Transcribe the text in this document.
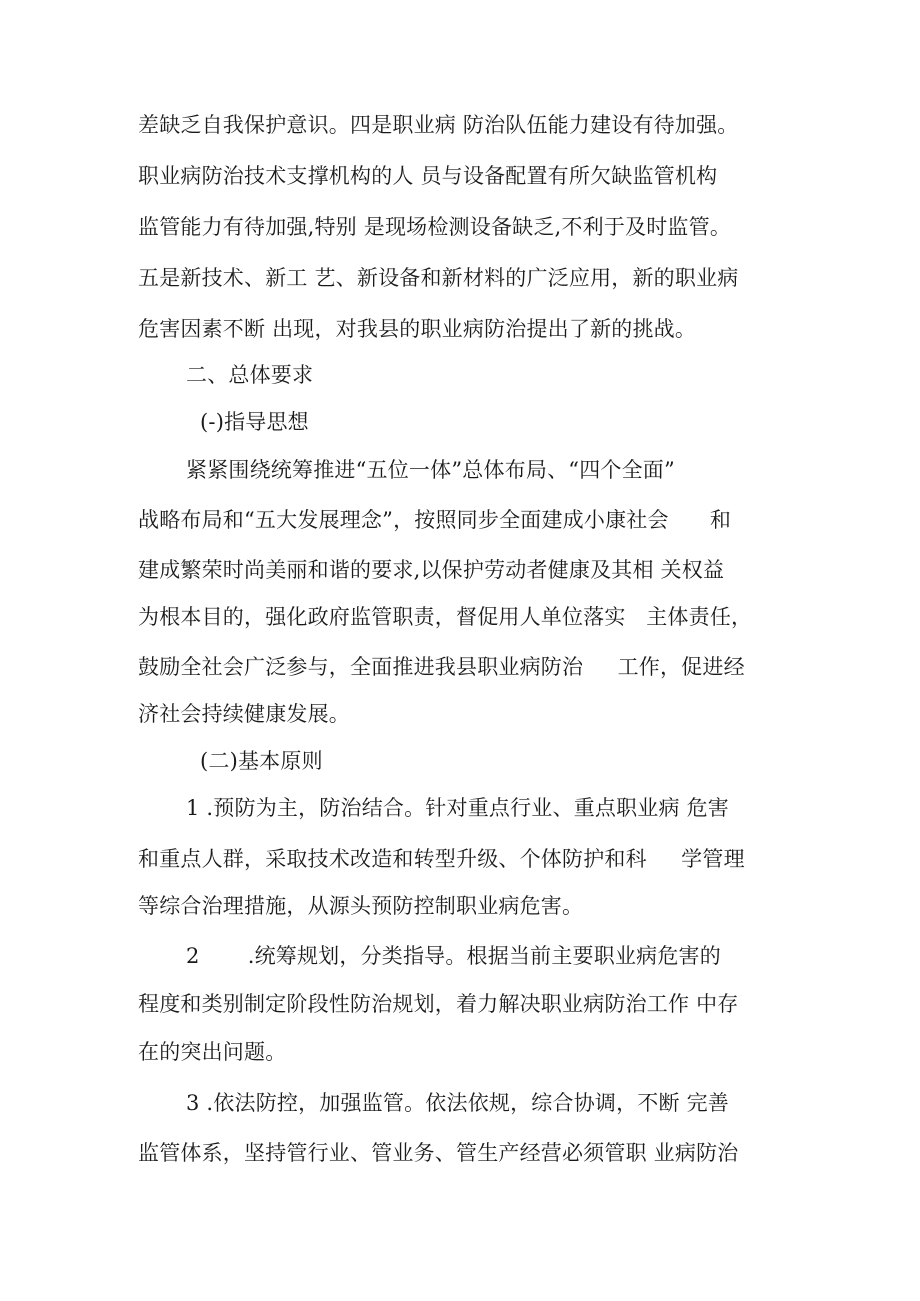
差缺乏自我保护意识。四是职业病 防治队伍能力建设有待加强。
职业病防治技术支撑机构的人 员与设备配置有所欠缺监管机构
监管能力有待加强,特别 是现场检测设备缺乏,不利于及时监管。
五是新技术、新工 艺、新设备和新材料的广泛应用，新的职业病
危害因素不断 出现，对我县的职业病防治提出了新的挑战。
二、总体要求
(-)指导思想
紧紧围绕统筹推进“五位一体”总体布局、“四个全面”
战略布局和“五大发展理念”，按照同步全面建成小康社会      和
建成繁荣时尚美丽和谐的要求,以保护劳动者健康及其相 关权益
为根本目的，强化政府监管职责，督促用人单位落实   主体责任，
鼓励全社会广泛参与，全面推进我县职业病防治     工作，促进经
济社会持续健康发展。
(二)基本原则
1 .预防为主，防治结合。针对重点行业、重点职业病 危害
和重点人群，采取技术改造和转型升级、个体防护和科     学管理
等综合治理措施，从源头预防控制职业病危害。
2       .统筹规划，分类指导。根据当前主要职业病危害的
程度和类别制定阶段性防治规划，着力解决职业病防治工作 中存
在的突出问题。
3 .依法防控，加强监管。依法依规，综合协调，不断 完善
监管体系，坚持管行业、管业务、管生产经营必须管职 业病防治
